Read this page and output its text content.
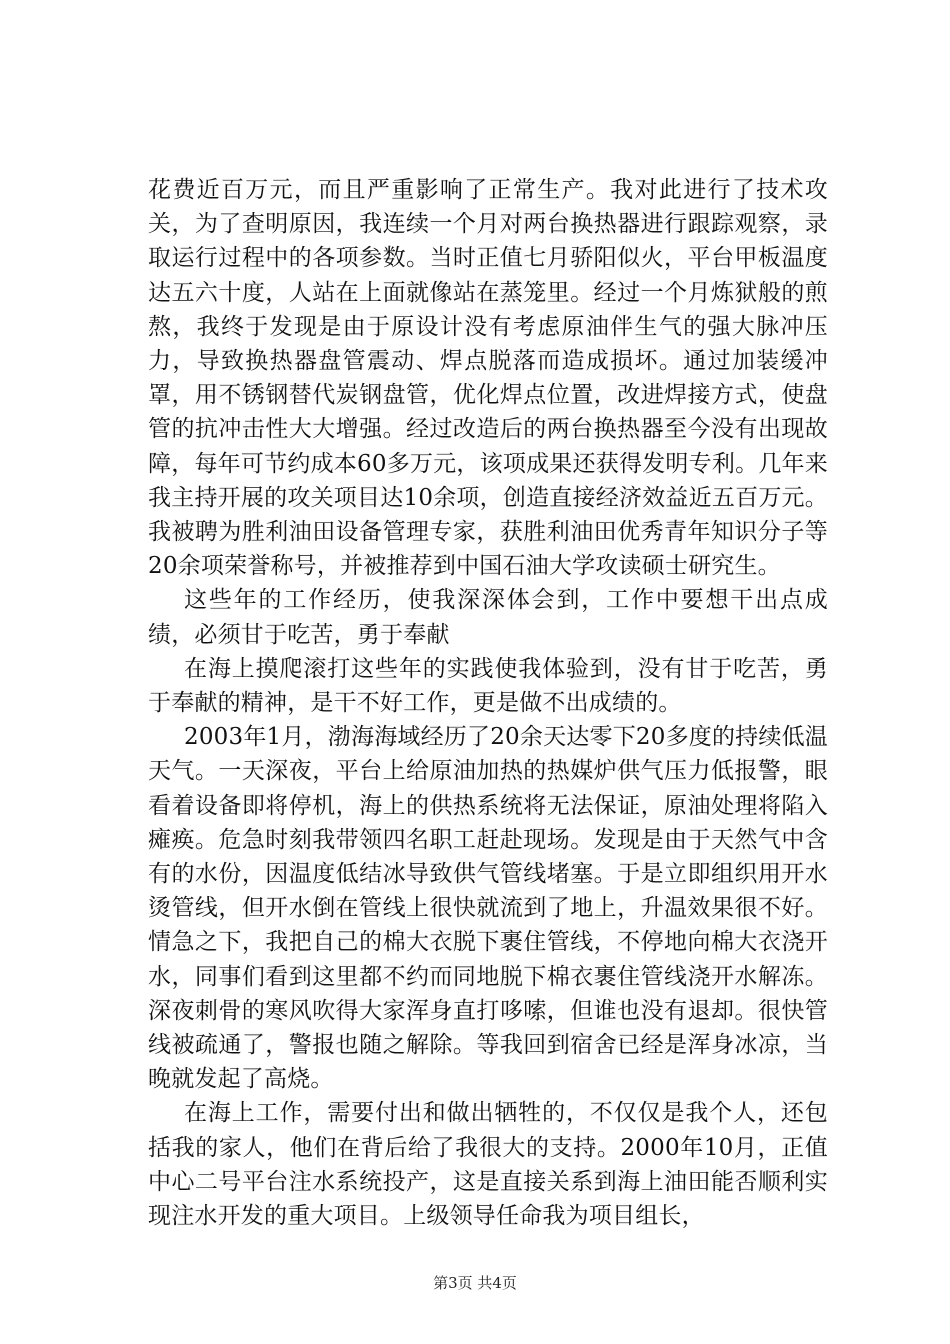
花费近百万元，而且严重影响了正常生产。我对此进行了技术攻关，为了查明原因，我连续一个月对两台换热器进行跟踪观察，录取运行过程中的各项参数。当时正值七月骄阳似火，平台甲板温度达五六十度，人站在上面就像站在蒸笼里。经过一个月炼狱般的煎熬，我终于发现是由于原设计没有考虑原油伴生气的强大脉冲压力，导致换热器盘管震动、焊点脱落而造成损坏。通过加装缓冲罩，用不锈钢替代炭钢盘管，优化焊点位置，改进焊接方式，使盘管的抗冲击性大大增强。经过改造后的两台换热器至今没有出现故障，每年可节约成本60多万元，该项成果还获得发明专利。几年来我主持开展的攻关项目达10余项，创造直接经济效益近五百万元。我被聘为胜利油田设备管理专家，获胜利油田优秀青年知识分子等20余项荣誉称号，并被推荐到中国石油大学攻读硕士研究生。

这些年的工作经历，使我深深体会到，工作中要想干出点成绩，必须甘于吃苦，勇于奉献

在海上摸爬滚打这些年的实践使我体验到，没有甘于吃苦，勇于奉献的精神，是干不好工作，更是做不出成绩的。

2003年1月，渤海海域经历了20余天达零下20多度的持续低温天气。一天深夜，平台上给原油加热的热媒炉供气压力低报警，眼看着设备即将停机，海上的供热系统将无法保证，原油处理将陷入瘫痪。危急时刻我带领四名职工赶赴现场。发现是由于天然气中含有的水份，因温度低结冰导致供气管线堵塞。于是立即组织用开水烫管线，但开水倒在管线上很快就流到了地上，升温效果很不好。情急之下，我把自己的棉大衣脱下裹住管线，不停地向棉大衣浇开水，同事们看到这里都不约而同地脱下棉衣裹住管线浇开水解冻。深夜刺骨的寒风吹得大家浑身直打哆嗦，但谁也没有退却。很快管线被疏通了，警报也随之解除。等我回到宿舍已经是浑身冰凉，当晚就发起了高烧。

在海上工作，需要付出和做出牺牲的，不仅仅是我个人，还包括我的家人，他们在背后给了我很大的支持。2000年10月，正值中心二号平台注水系统投产，这是直接关系到海上油田能否顺利实现注水开发的重大项目。上级领导任命我为项目组长，

第3页 共4页
